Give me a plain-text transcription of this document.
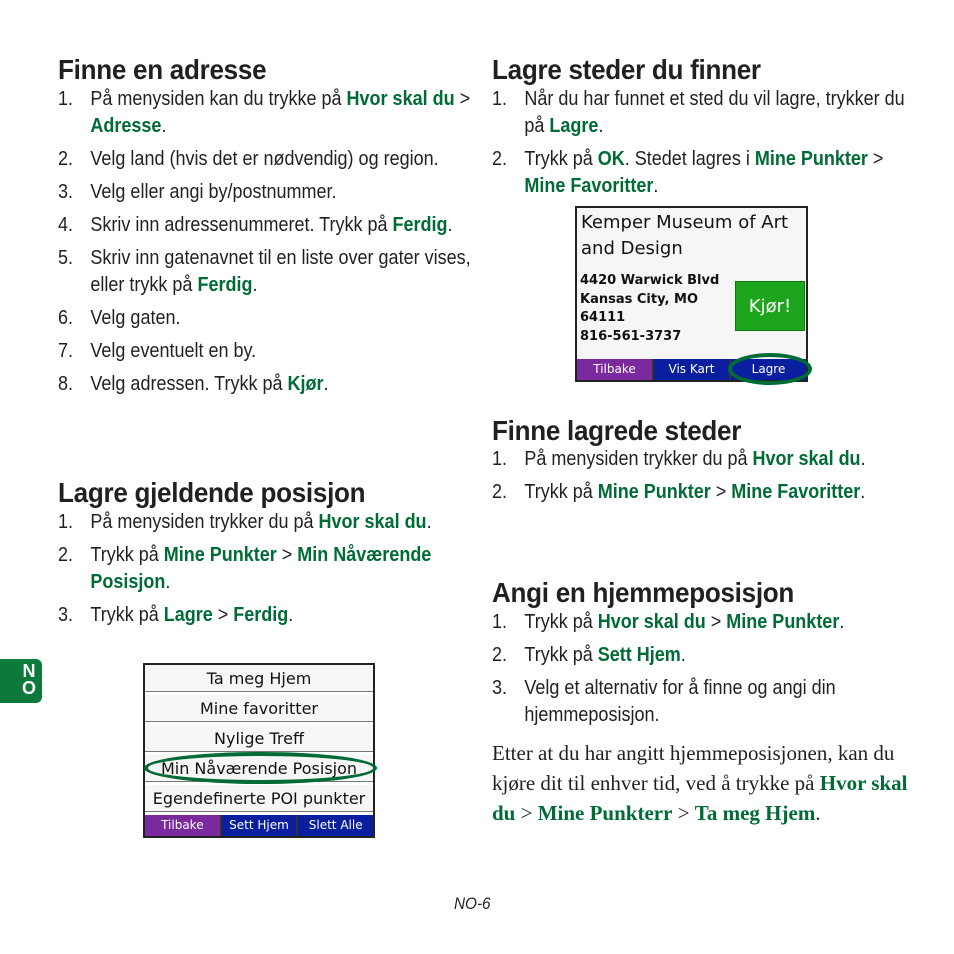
Finne en adresse
1. På menysiden kan du trykke på Hvor skal du > Adresse.
2. Velg land (hvis det er nødvendig) og region.
3. Velg eller angi by/postnummer.
4. Skriv inn adressenummeret. Trykk på Ferdig.
5. Skriv inn gatenavnet til en liste over gater vises, eller trykk på Ferdig.
6. Velg gaten.
7. Velg eventuelt en by.
8. Velg adressen. Trykk på Kjør.
Lagre gjeldende posisjon
1. På menysiden trykker du på Hvor skal du.
2. Trykk på Mine Punkter > Min Nåværende Posisjon.
3. Trykk på Lagre > Ferdig.
Ta meg Hjem
Mine favoritter
Nylige Treff
Min Nåværende Posisjon
Egendefinerte POI punkter
Tilbake	Sett Hjem	Slett Alle
N
O
Lagre steder du finner
1. Når du har funnet et sted du vil lagre, trykker du på Lagre.
2. Trykk på OK. Stedet lagres i Mine Punkter > Mine Favoritter.
Kemper Museum of Art
and Design
4420 Warwick Blvd
Kansas City, MO
64111
816-561-3737
Kjør!
Tilbake	Vis Kart	Lagre
Finne lagrede steder
1. På menysiden trykker du på Hvor skal du.
2. Trykk på Mine Punkter > Mine Favoritter.
Angi en hjemmeposisjon
1. Trykk på Hvor skal du > Mine Punkter.
2. Trykk på Sett Hjem.
3. Velg et alternativ for å finne og angi din hjemmeposisjon.
Etter at du har angitt hjemmeposisjonen, kan du kjøre dit til enhver tid, ved å trykke på Hvor skal du > Mine Punkterr > Ta meg Hjem.
NO-6
